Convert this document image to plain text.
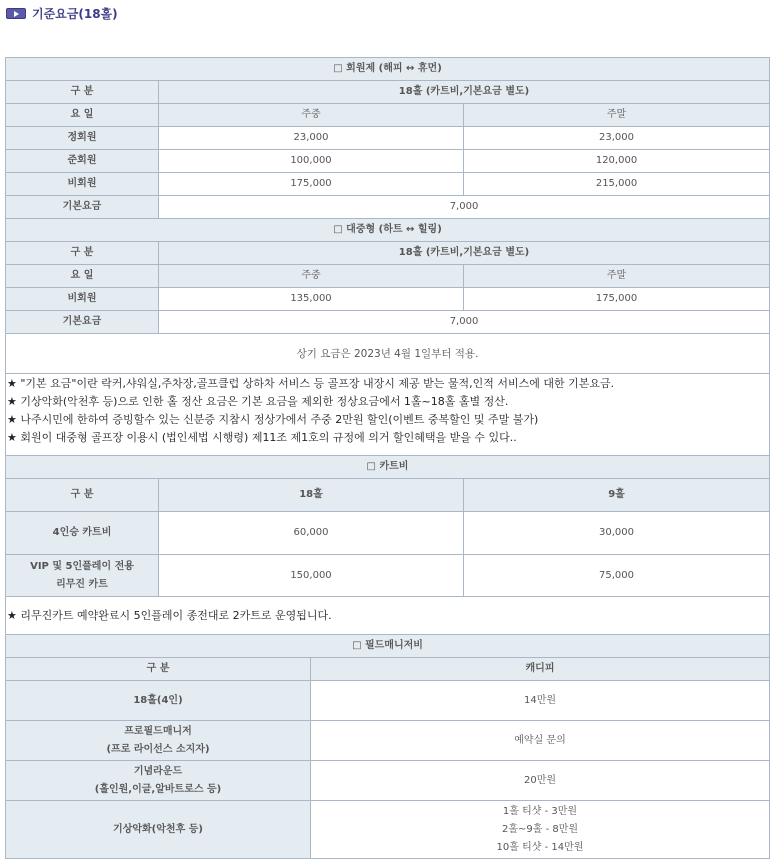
기준요금(18홀)
□ 회원제 (해피 ↔ 휴먼)		
구 분	18홀 (카트비,기본요금 별도)	
요 일	주중	주말
정회원	23,000	23,000
준회원	100,000	120,000
비회원	175,000	215,000
기본요금	7,000	
□ 대중형 (하트 ↔ 힐링)		
구 분	18홀 (카트비,기본요금 별도)	
요 일	주중	주말
비회원	135,000	175,000
기본요금	7,000	
상기 요금은 2023년 4월 1일부터 적용.		

★ "기본 요금"이란 락커,샤워실,주차장,골프클럽 상하차 서비스 등 골프장 내장시 제공 받는 물적,인적 서비스에 대한 기본요금.
★ 기상악화(악천후 등)으로 인한 홀 정산 요금은 기본 요금을 제외한 정상요금에서 1홀~18홀 홀별 정산.
★ 나주시민에 한하여 증빙할수 있는 신분증 지참시 정상가에서 주중 2만원 할인(이벤트 중복할인 및 주말 불가)
★ 회원이 대중형 골프장 이용시 (법인세법 시행령) 제11조 제1호의 규정에 의거 할인혜택을 받을 수 있다..		
□ 카트비		
구 분	18홀	9홀
4인승 카트비	60,000	30,000

VIP 및 5인플레이 전용
리무진 카트	150,000	75,000
★ 리무진카트 예약완료시 5인플레이 종전대로 2카트로 운영됩니다.		
□ 필드매니저비	
구 분	캐디피
18홀(4인)	14만원

프로필드매니저
(프로 라이선스 소지자)	예약실 문의

기념라운드
(홀인원,이글,알바트로스 등)	20만원
기상악화(악천후 등)	1홀 티샷 - 3만원
2홀~9홀 - 8만원
10홀 티샷 - 14만원
